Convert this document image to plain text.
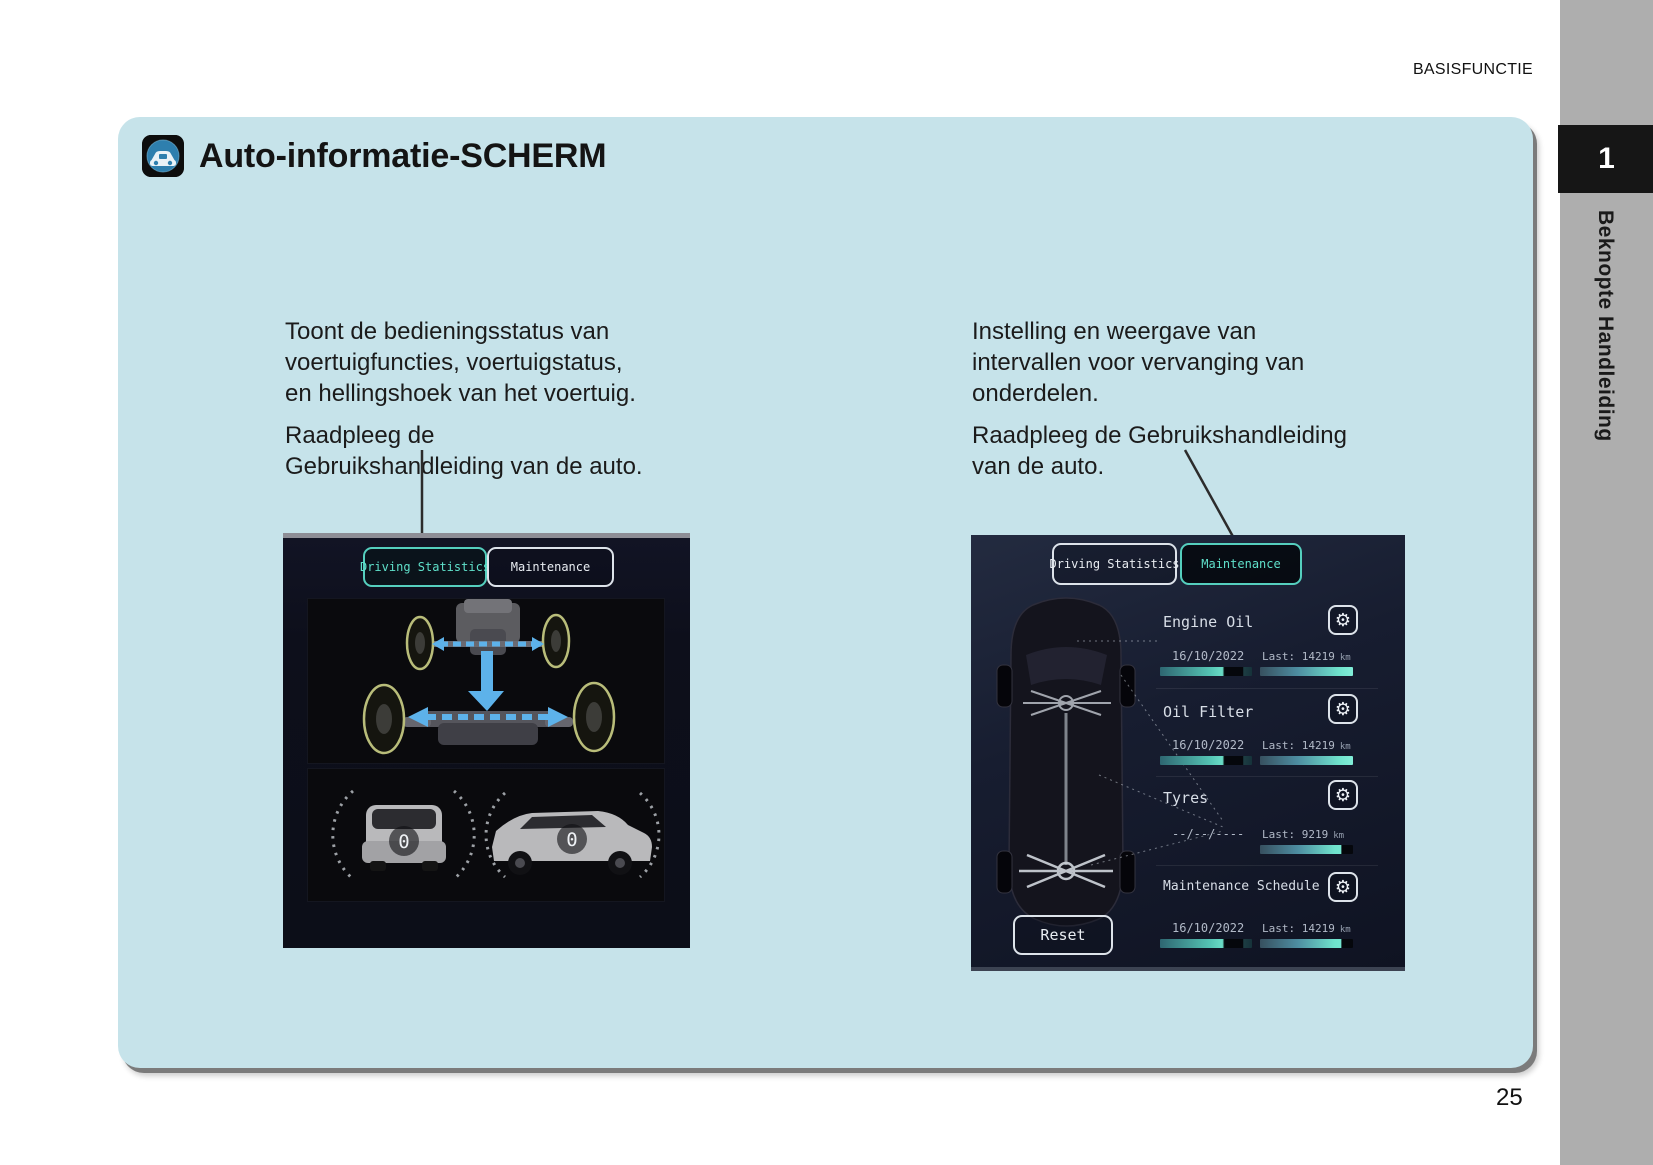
BASISFUNCTIE
1
Beknopte Handleiding
Auto-informatie-SCHERM
Toont de bedieningsstatus van
voertuigfuncties, voertuigstatus,
en hellingshoek van het voertuig.
Raadpleeg de
Gebruikshandleiding van de auto.
Instelling en weergave van
intervallen voor vervanging van
onderdelen.
Raadpleeg de Gebruikshandleiding
van de auto.
Driving Statistics	Maintenance
0	0
Driving Statistics	Maintenance
Engine Oil	⚙
16/10/2022 Last: 14219 km
Oil Filter	⚙
16/10/2022 Last: 14219 km
Tyres	⚙
--/--/---- Last: 9219 km
Maintenance Schedule ⚙
16/10/2022 Last: 14219 km
Reset
25
